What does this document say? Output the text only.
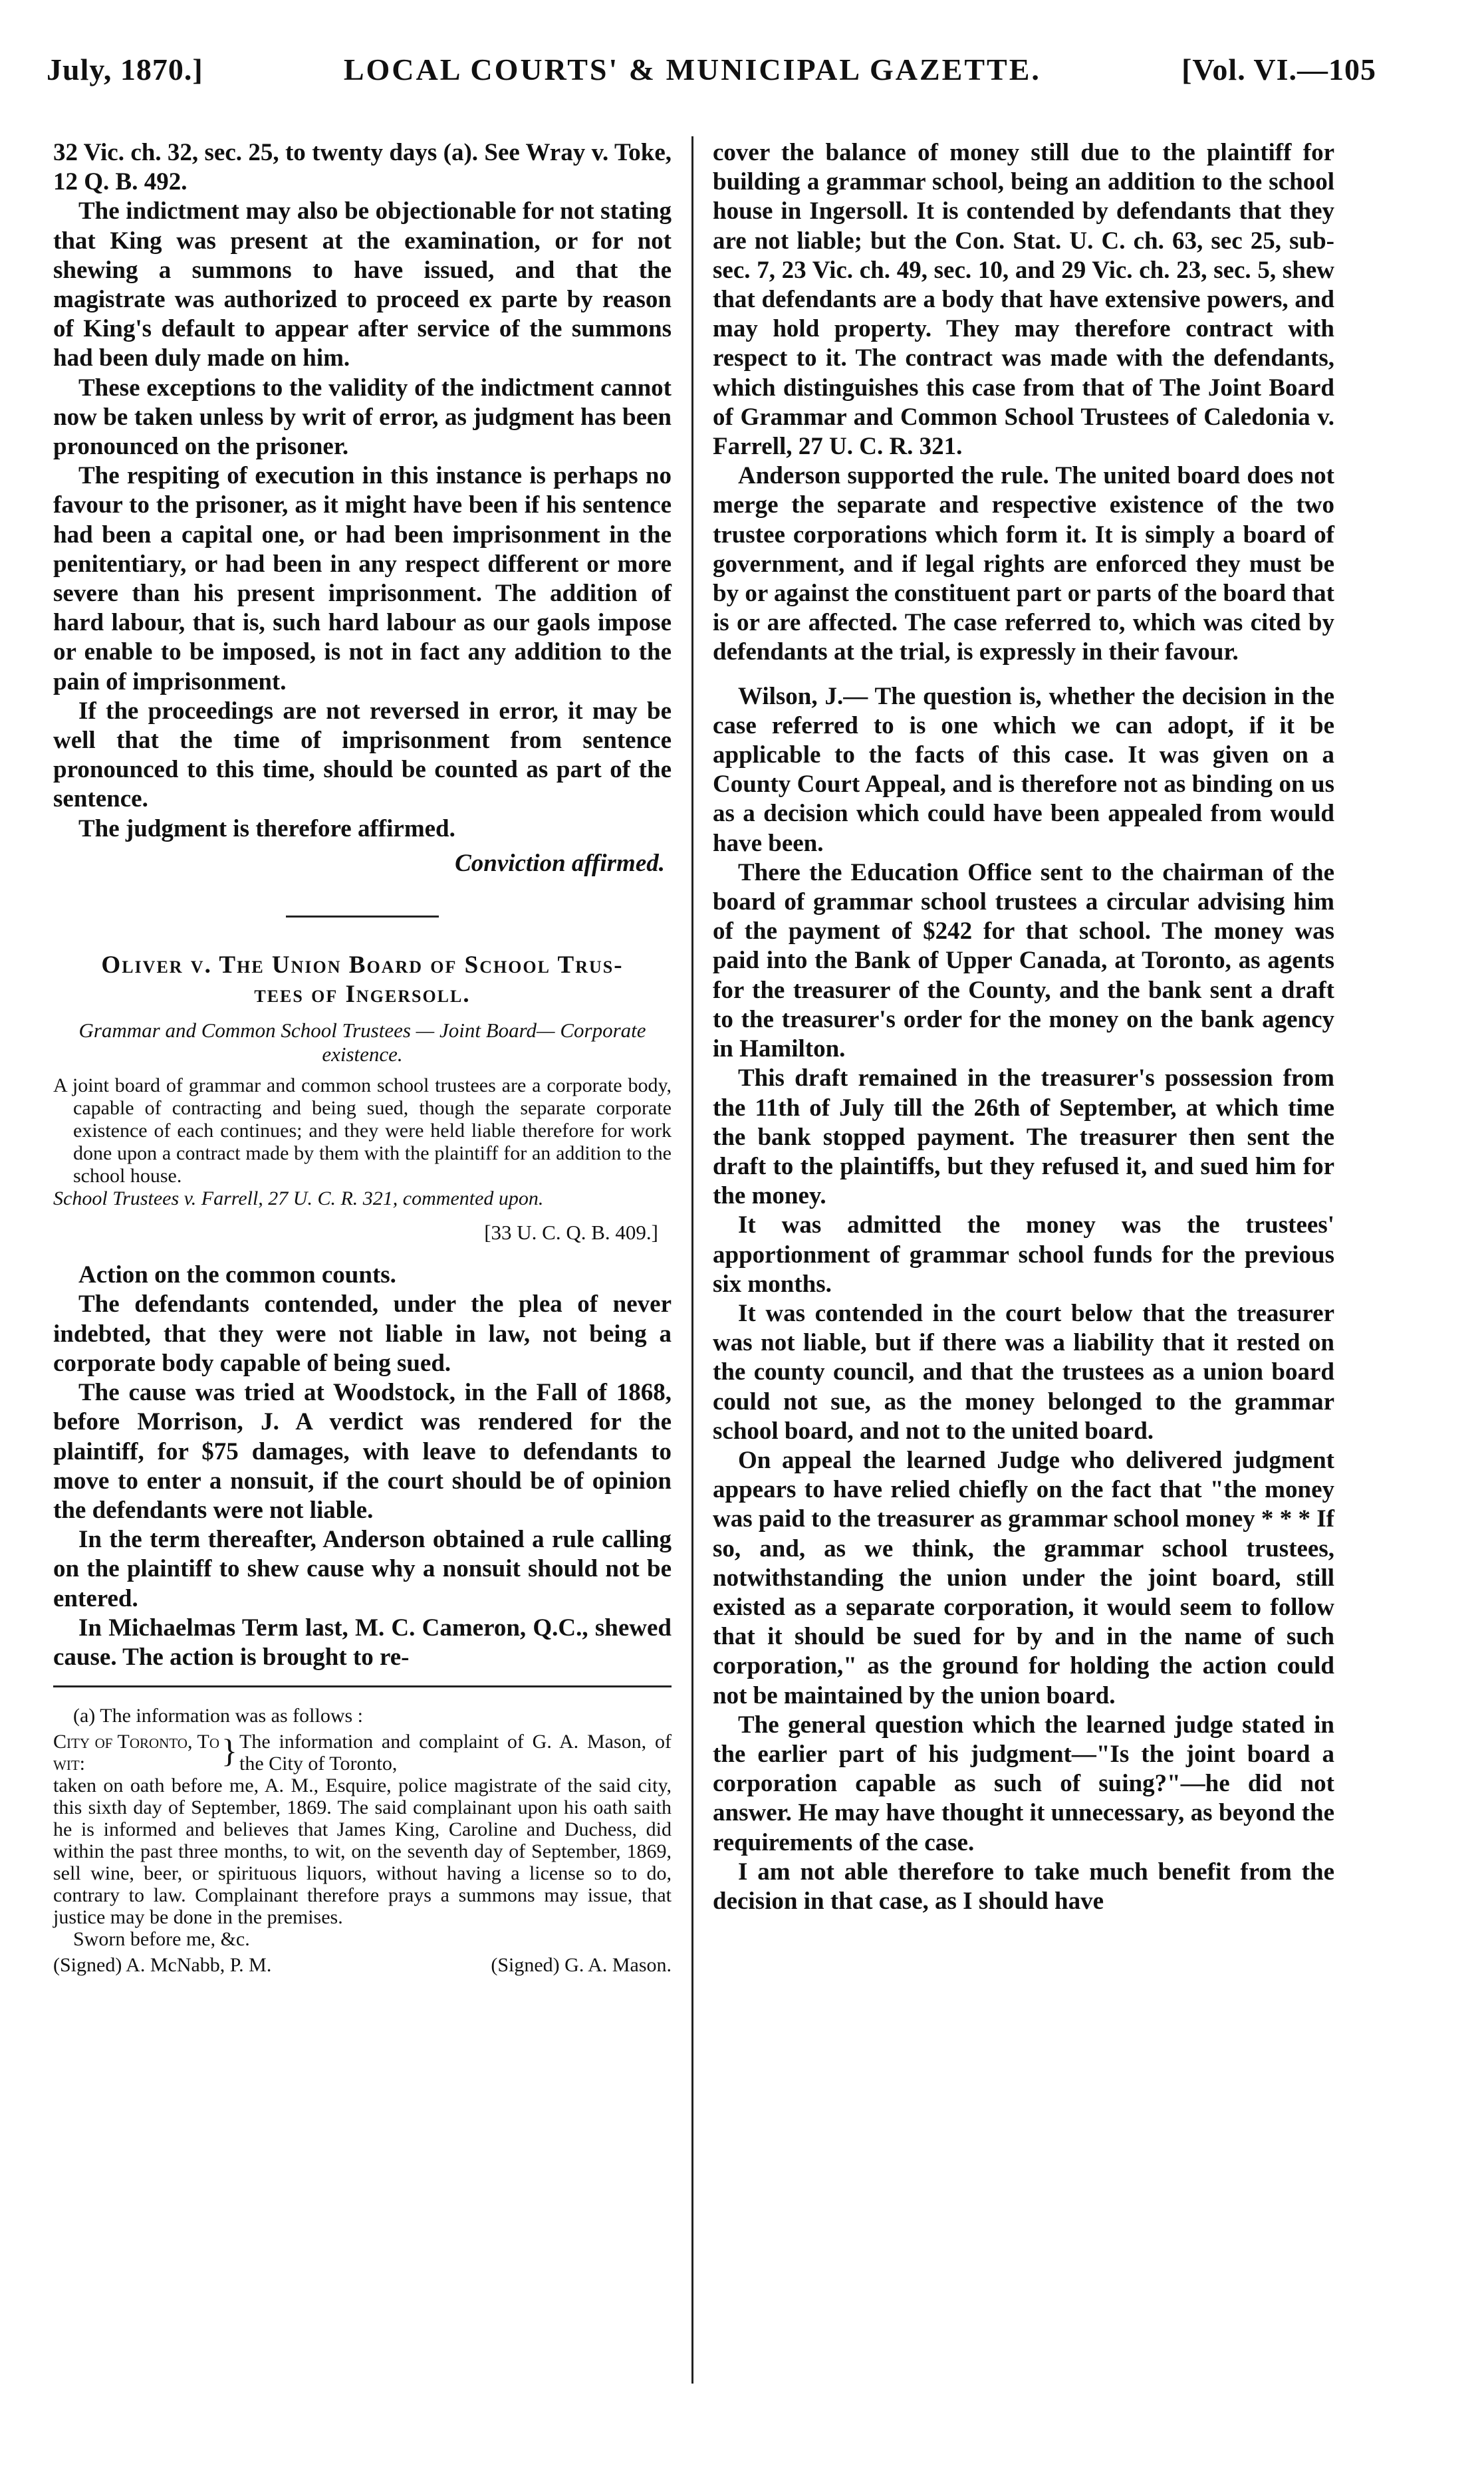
July, 1870.]	LOCAL COURTS' & MUNICIPAL GAZETTE.	[Vol. VI.—105

32 Vic. ch. 32, sec. 25, to twenty days (a). See Wray v. Toke, 12 Q. B. 492.

The indictment may also be objectionable for not stating that King was present at the examination, or for not shewing a summons to have issued, and that the magistrate was authorized to proceed ex parte by reason of King's default to appear after service of the summons had been duly made on him.

These exceptions to the validity of the indictment cannot now be taken unless by writ of error, as judgment has been pronounced on the prisoner.

The respiting of execution in this instance is perhaps no favour to the prisoner, as it might have been if his sentence had been a capital one, or had been imprisonment in the penitentiary, or had been in any respect different or more severe than his present imprisonment. The addition of hard labour, that is, such hard labour as our gaols impose or enable to be imposed, is not in fact any addition to the pain of imprisonment.

If the proceedings are not reversed in error, it may be well that the time of imprisonment from sentence pronounced to this time, should be counted as part of the sentence.

The judgment is therefore affirmed.

Conviction affirmed.
Oliver v. The Union Board of School Trus-
tees of Ingersoll.
Grammar and Common School Trustees — Joint Board— Corporate existence.
A joint board of grammar and common school trustees are a corporate body, capable of contracting and being sued, though the separate corporate existence of each continues; and they were held liable therefore for work done upon a contract made by them with the plaintiff for an addition to the school house.
School Trustees v. Farrell, 27 U. C. R. 321, commented upon.
[33 U. C. Q. B. 409.]

Action on the common counts.

The defendants contended, under the plea of never indebted, that they were not liable in law, not being a corporate body capable of being sued.

The cause was tried at Woodstock, in the Fall of 1868, before Morrison, J. A verdict was rendered for the plaintiff, for $75 damages, with leave to defendants to move to enter a nonsuit, if the court should be of opinion the defendants were not liable.

In the term thereafter, Anderson obtained a rule calling on the plaintiff to shew cause why a nonsuit should not be entered.

In Michaelmas Term last, M. C. Cameron, Q.C., shewed cause. The action is brought to re-

(a) The information was as follows :
City of Toronto, To wit:	} The information and complaint of G. A. Mason, of the City of Toronto,
taken on oath before me, A. M., Esquire, police magistrate of the said city, this sixth day of September, 1869. The said complainant upon his oath saith he is informed and believes that James King, Caroline and Duchess, did within the past three months, to wit, on the seventh day of September, 1869, sell wine, beer, or spirituous liquors, without having a license so to do, contrary to law. Complainant therefore prays a summons may issue, that justice may be done in the premises.
Sworn before me, &c.
(Signed) A. McNabb, P. M.	(Signed) G. A. Mason.

cover the balance of money still due to the plaintiff for building a grammar school, being an addition to the school house in Ingersoll. It is contended by defendants that they are not liable; but the Con. Stat. U. C. ch. 63, sec 25, sub-sec. 7, 23 Vic. ch. 49, sec. 10, and 29 Vic. ch. 23, sec. 5, shew that defendants are a body that have extensive powers, and may hold property. They may therefore contract with respect to it. The contract was made with the defendants, which distinguishes this case from that of The Joint Board of Grammar and Common School Trustees of Caledonia v. Farrell, 27 U. C. R. 321.

Anderson supported the rule. The united board does not merge the separate and respective existence of the two trustee corporations which form it. It is simply a board of government, and if legal rights are enforced they must be by or against the constituent part or parts of the board that is or are affected. The case referred to, which was cited by defendants at the trial, is expressly in their favour.

Wilson, J.— The question is, whether the decision in the case referred to is one which we can adopt, if it be applicable to the facts of this case. It was given on a County Court Appeal, and is therefore not as binding on us as a decision which could have been appealed from would have been.

There the Education Office sent to the chairman of the board of grammar school trustees a circular advising him of the payment of $242 for that school. The money was paid into the Bank of Upper Canada, at Toronto, as agents for the treasurer of the County, and the bank sent a draft to the treasurer's order for the money on the bank agency in Hamilton.

This draft remained in the treasurer's possession from the 11th of July till the 26th of September, at which time the bank stopped payment. The treasurer then sent the draft to the plaintiffs, but they refused it, and sued him for the money.

It was admitted the money was the trustees' apportionment of grammar school funds for the previous six months.

It was contended in the court below that the treasurer was not liable, but if there was a liability that it rested on the county council, and that the trustees as a union board could not sue, as the money belonged to the grammar school board, and not to the united board.

On appeal the learned Judge who delivered judgment appears to have relied chiefly on the fact that "the money was paid to the treasurer as grammar school money * * * If so, and, as we think, the grammar school trustees, notwithstanding the union under the joint board, still existed as a separate corporation, it would seem to follow that it should be sued for by and in the name of such corporation," as the ground for holding the action could not be maintained by the union board.

The general question which the learned judge stated in the earlier part of his judgment—"Is the joint board a corporation capable as such of suing?"—he did not answer. He may have thought it unnecessary, as beyond the requirements of the case.

I am not able therefore to take much benefit from the decision in that case, as I should have
